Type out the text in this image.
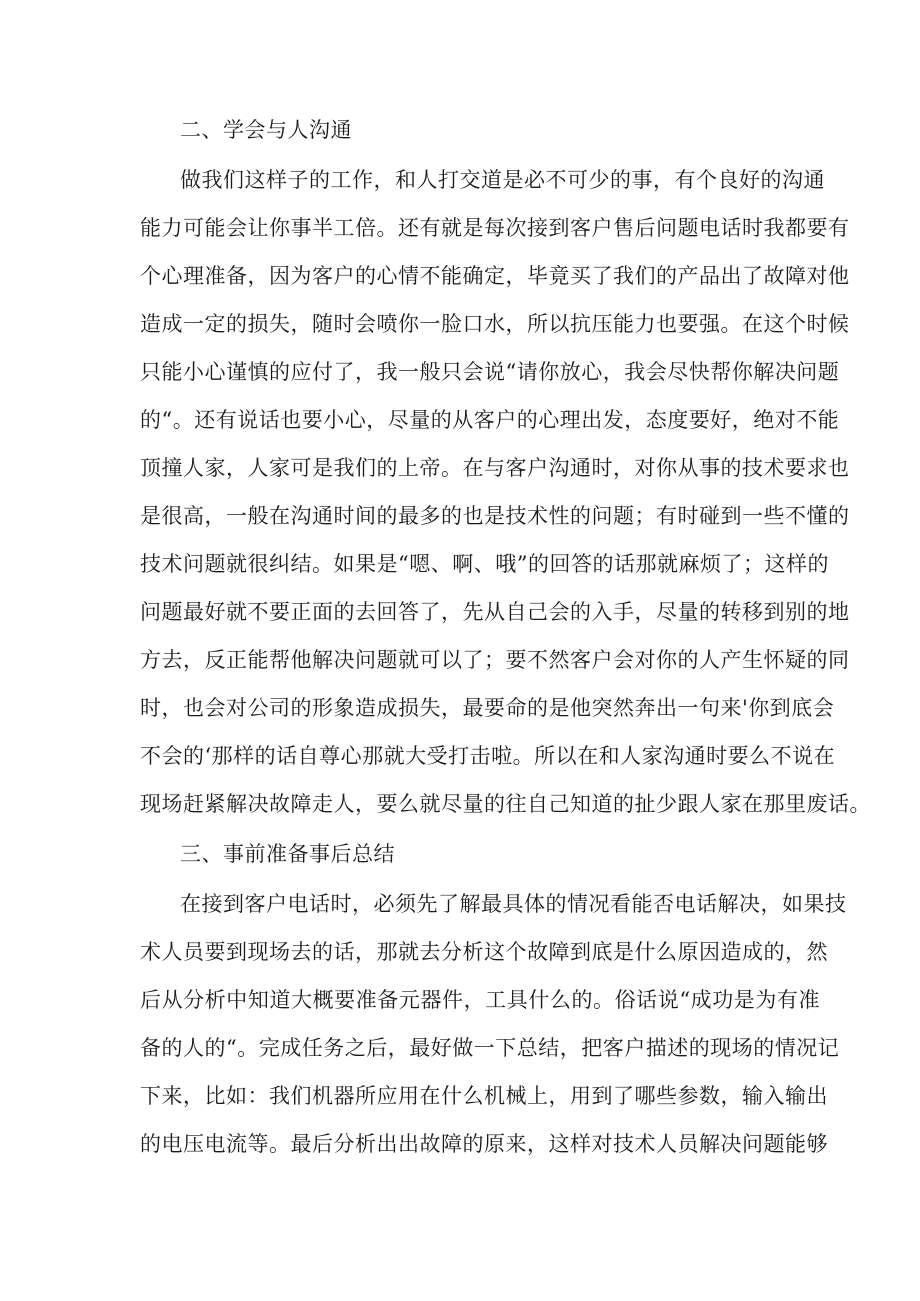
二、学会与人沟通
做我们这样子的工作，和人打交道是必不可少的事，有个良好的沟通
能力可能会让你事半工倍。还有就是每次接到客户售后问题电话时我都要有
个心理准备，因为客户的心情不能确定，毕竟买了我们的产品出了故障对他
造成一定的损失，随时会喷你一脸口水，所以抗压能力也要强。在这个时候
只能小心谨慎的应付了，我一般只会说“请你放心，我会尽快帮你解决问题
的“。还有说话也要小心，尽量的从客户的心理出发，态度要好，绝对不能
顶撞人家，人家可是我们的上帝。在与客户沟通时，对你从事的技术要求也
是很高，一般在沟通时间的最多的也是技术性的问题；有时碰到一些不懂的
技术问题就很纠结。如果是“嗯、啊、哦”的回答的话那就麻烦了；这样的
问题最好就不要正面的去回答了，先从自己会的入手，尽量的转移到别的地
方去，反正能帮他解决问题就可以了；要不然客户会对你的人产生怀疑的同
时，也会对公司的形象造成损失，最要命的是他突然奔出一句来'你到底会
不会的‘那样的话自尊心那就大受打击啦。所以在和人家沟通时要么不说在
现场赶紧解决故障走人，要么就尽量的往自己知道的扯少跟人家在那里废话。
三、事前准备事后总结
在接到客户电话时，必须先了解最具体的情况看能否电话解决，如果技
术人员要到现场去的话，那就去分析这个故障到底是什么原因造成的，然
后从分析中知道大概要准备元器件，工具什么的。俗话说“成功是为有准
备的人的“。完成任务之后，最好做一下总结，把客户描述的现场的情况记
下来，比如：我们机器所应用在什么机械上，用到了哪些参数，输入输出
的电压电流等。最后分析出出故障的原来，这样对技术人员解决问题能够
